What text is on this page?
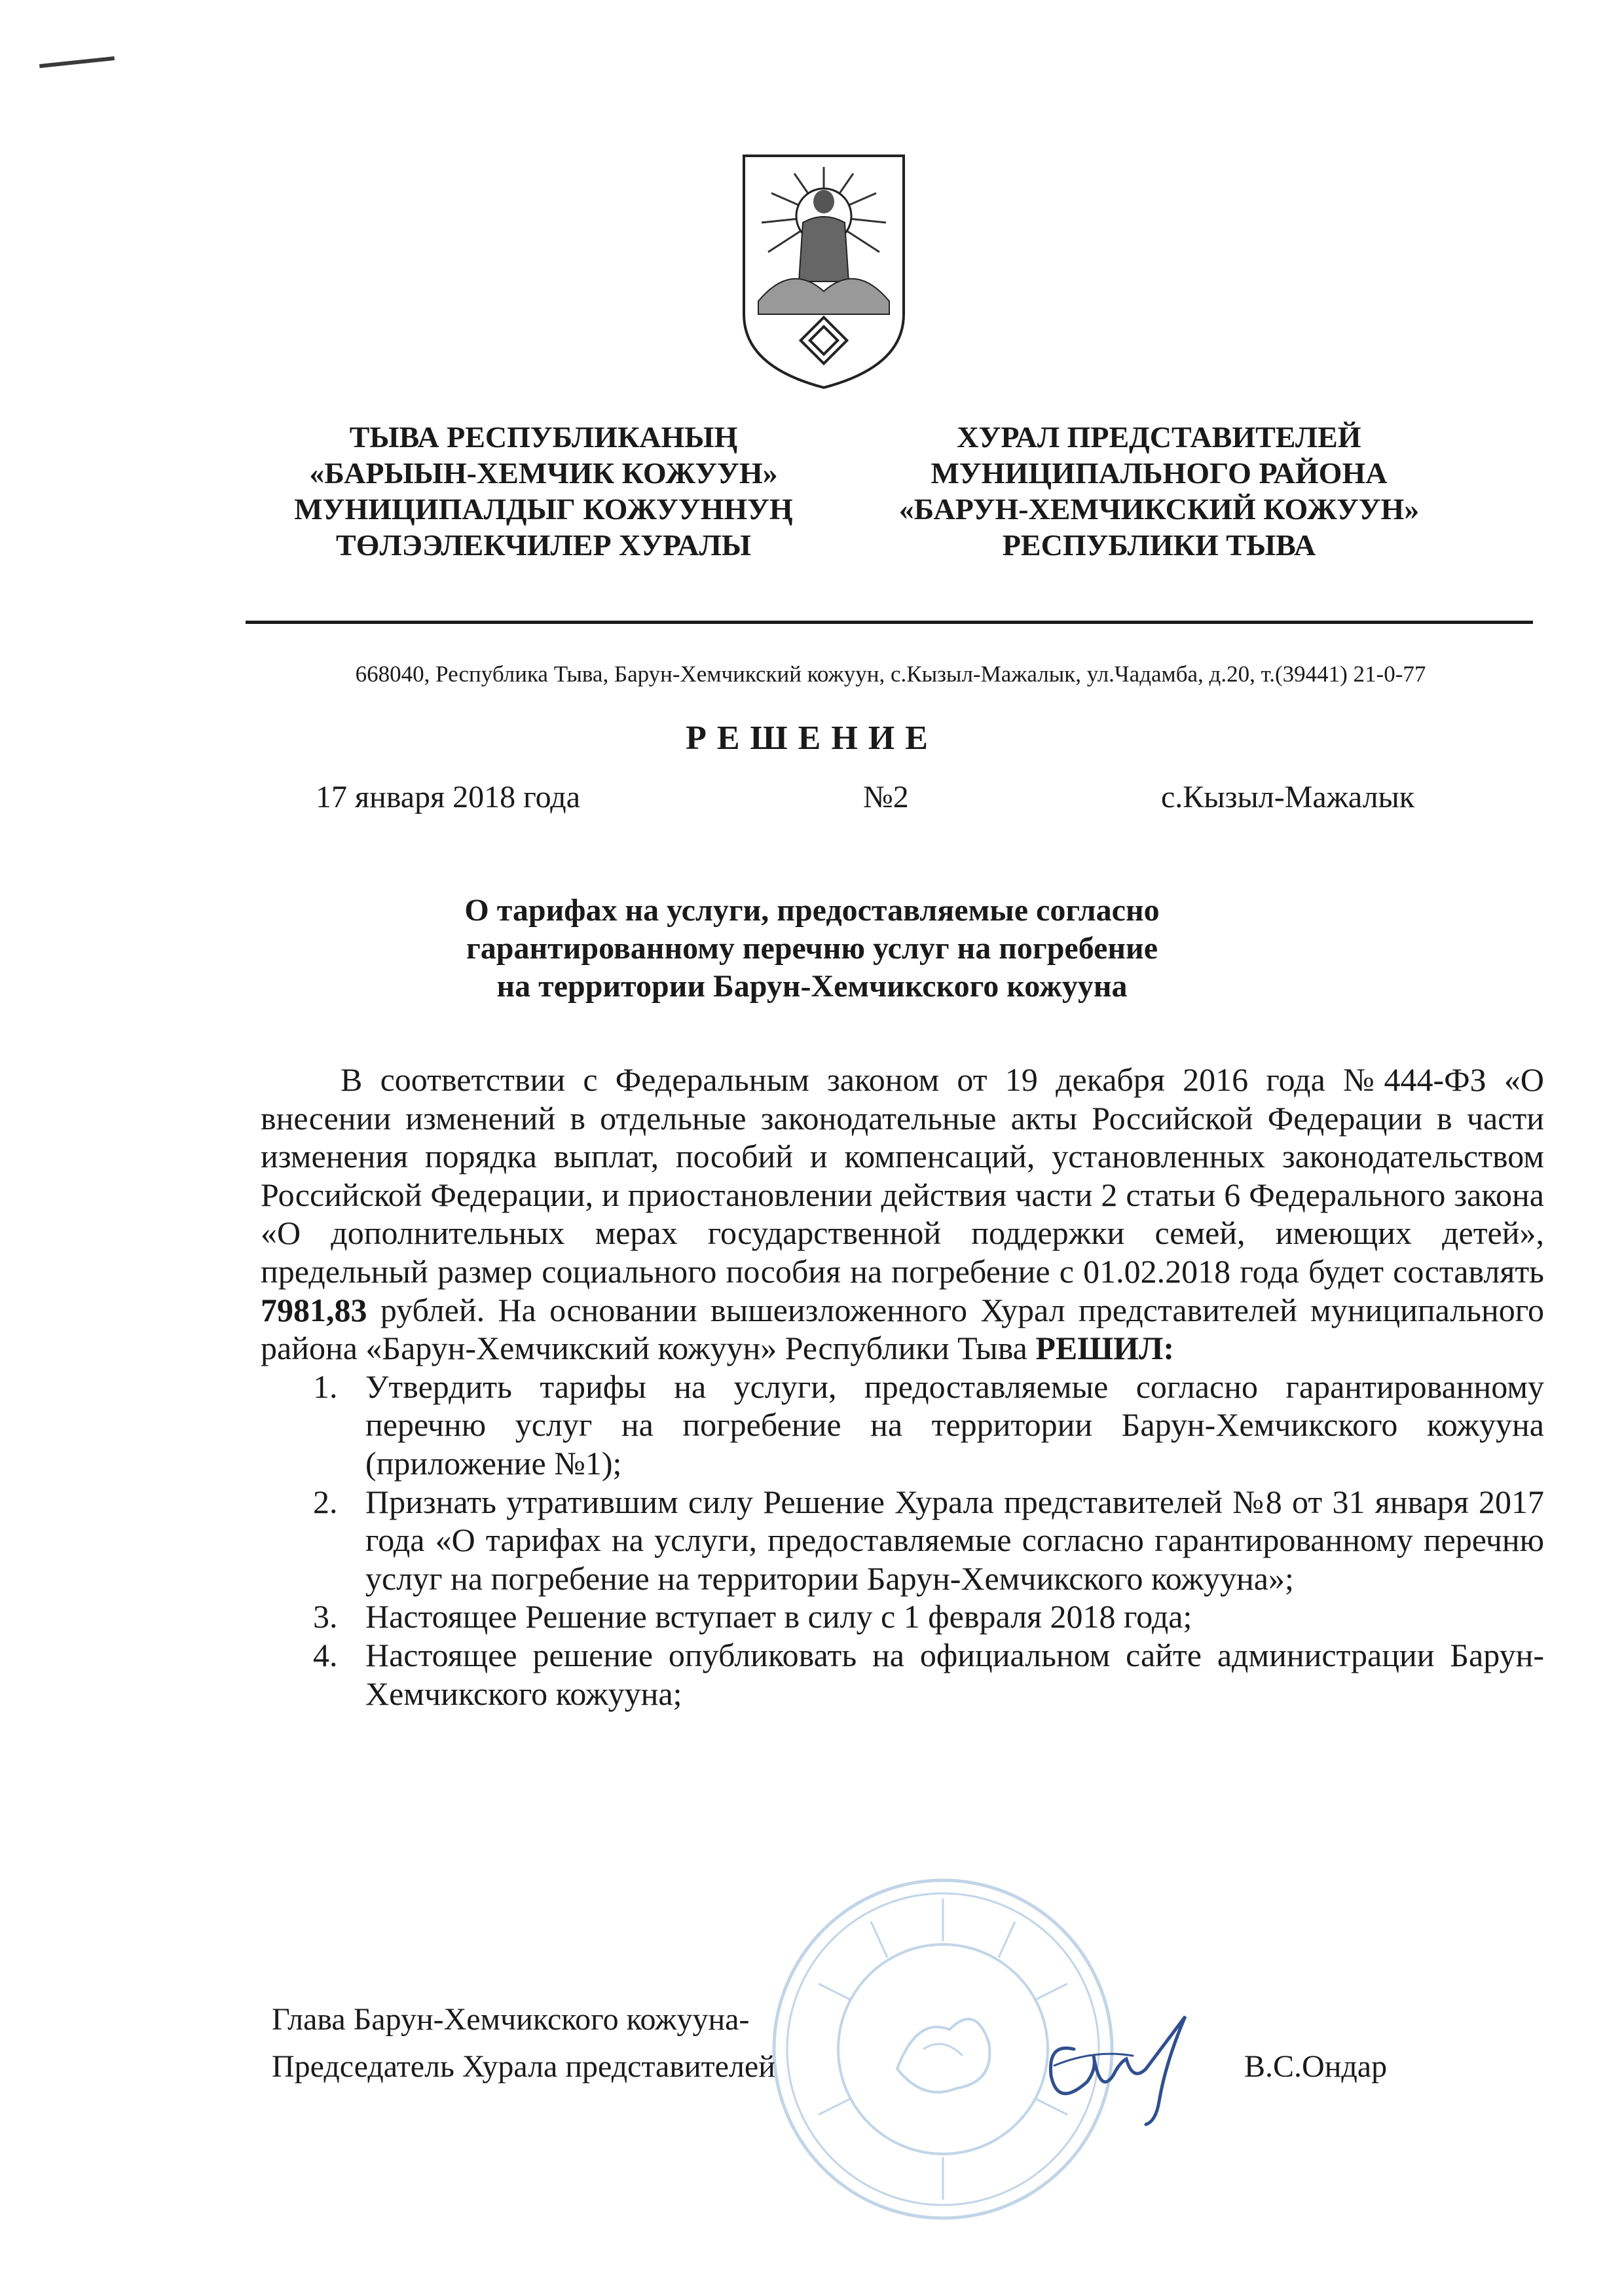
ТЫВА РЕСПУБЛИКАНЫҢ
«БАРЫЫН-ХЕМЧИК КОЖУУН»
МУНИЦИПАЛДЫГ КОЖУУННУҢ
ТӨЛЭЭЛЕКЧИЛЕР ХУРАЛЫ
ХУРАЛ ПРЕДСТАВИТЕЛЕЙ
МУНИЦИПАЛЬНОГО РАЙОНА
«БАРУН-ХЕМЧИКСКИЙ КОЖУУН»
РЕСПУБЛИКИ ТЫВА
668040, Республика Тыва, Барун-Хемчикский кожуун, с.Кызыл-Мажалык, ул.Чадамба, д.20, т.(39441) 21-0-77
РЕШЕНИЕ
17 января 2018 года	№2	с.Кызыл-Мажалык
О тарифах на услуги, предоставляемые согласно
гарантированному перечню услуг на погребение
на территории Барун-Хемчикского кожууна

В соответствии с Федеральным законом от 19 декабря 2016 года №444-ФЗ «О внесении изменений в отдельные законодательные акты Российской Федерации в части изменения порядка выплат, пособий и компенсаций, установленных законодательством Российской Федерации, и приостановлении действия части 2 статьи 6 Федерального закона «О дополнительных мерах государственной поддержки семей, имеющих детей», предельный размер социального пособия на погребение с 01.02.2018 года будет составлять 7981,83 рублей. На основании вышеизложенного Хурал представителей муниципального района «Барун-Хемчикский кожуун» Республики Тыва РЕШИЛ:

1. Утвердить тарифы на услуги, предоставляемые согласно гарантированному перечню услуг на погребение на территории Барун-Хемчикского кожууна (приложение №1);
2. Признать утратившим силу Решение Хурала представителей №8 от 31 января 2017 года «О тарифах на услуги, предоставляемые согласно гарантированному перечню услуг на погребение на территории Барун-Хемчикского кожууна»;
3. Настоящее Решение вступает в силу с 1 февраля 2018 года;
4. Настоящее решение опубликовать на официальном сайте администрации Барун-Хемчикского кожууна;
Глава Барун-Хемчикского кожууна-
Председатель Хурала представителей	В.С.Ондар
